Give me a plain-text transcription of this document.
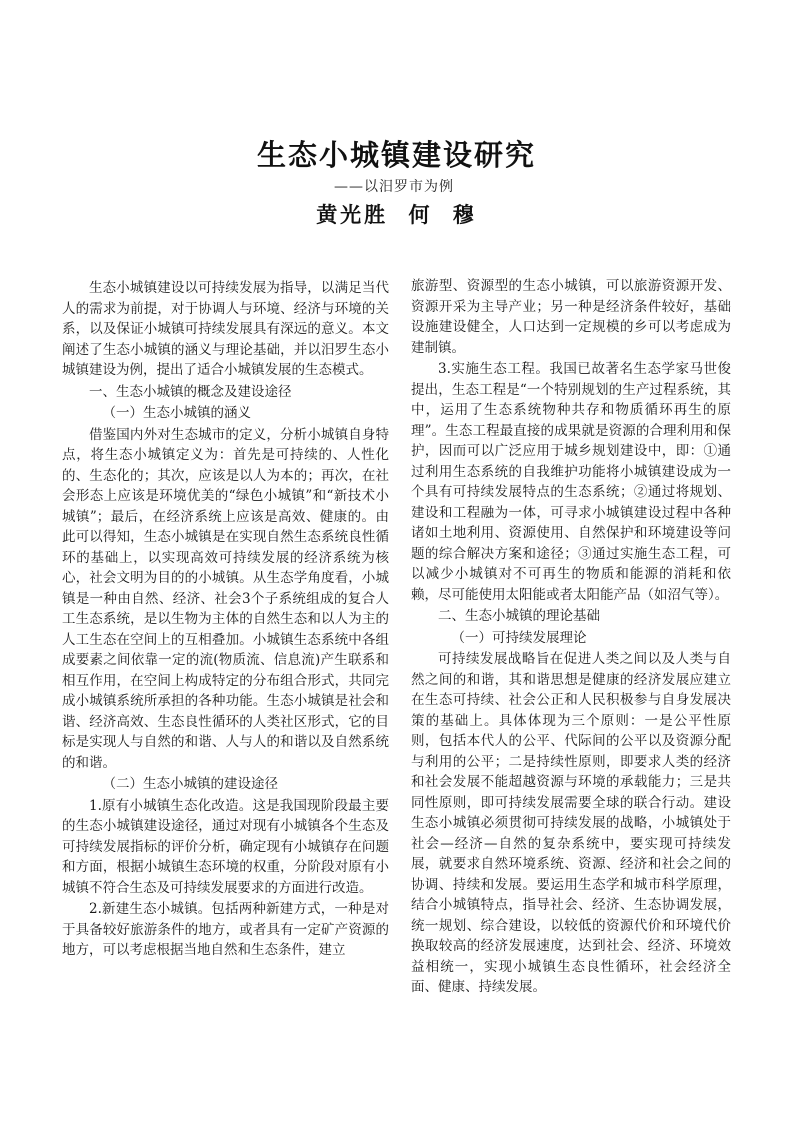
生态小城镇建设研究
——以汨罗市为例
黄光胜 何 穆

生态小城镇建设以可持续发展为指导，以满足当代人的需求为前提，对于协调人与环境、经济与环境的关系，以及保证小城镇可持续发展具有深远的意义。本文阐述了生态小城镇的涵义与理论基础，并以汨罗生态小城镇建设为例，提出了适合小城镇发展的生态模式。

一、生态小城镇的概念及建设途径

（一）生态小城镇的涵义

借鉴国内外对生态城市的定义，分析小城镇自身特点，将生态小城镇定义为：首先是可持续的、人性化的、生态化的；其次，应该是以人为本的；再次，在社会形态上应该是环境优美的“绿色小城镇”和“新技术小城镇”；最后，在经济系统上应该是高效、健康的。由此可以得知，生态小城镇是在实现自然生态系统良性循环的基础上，以实现高效可持续发展的经济系统为核心，社会文明为目的的小城镇。从生态学角度看，小城镇是一种由自然、经济、社会3个子系统组成的复合人工生态系统，是以生物为主体的自然生态和以人为主的人工生态在空间上的互相叠加。小城镇生态系统中各组成要素之间依靠一定的流(物质流、信息流)产生联系和相互作用，在空间上构成特定的分布组合形式，共同完成小城镇系统所承担的各种功能。生态小城镇是社会和谐、经济高效、生态良性循环的人类社区形式，它的目标是实现人与自然的和谐、人与人的和谐以及自然系统的和谐。

（二）生态小城镇的建设途径

1.原有小城镇生态化改造。这是我国现阶段最主要的生态小城镇建设途径，通过对现有小城镇各个生态及可持续发展指标的评价分析，确定现有小城镇存在问题和方面，根据小城镇生态环境的权重，分阶段对原有小城镇不符合生态及可持续发展要求的方面进行改造。

2.新建生态小城镇。包括两种新建方式，一种是对于具备较好旅游条件的地方，或者具有一定矿产资源的地方，可以考虑根据当地自然和生态条件，建立

旅游型、资源型的生态小城镇，可以旅游资源开发、资源开采为主导产业；另一种是经济条件较好，基础设施建设健全，人口达到一定规模的乡可以考虑成为建制镇。

3.实施生态工程。我国已故著名生态学家马世俊提出，生态工程是“一个特别规划的生产过程系统，其中，运用了生态系统物种共存和物质循环再生的原理”。生态工程最直接的成果就是资源的合理利用和保护，因而可以广泛应用于城乡规划建设中，即：①通过利用生态系统的自我维护功能将小城镇建设成为一个具有可持续发展特点的生态系统；②通过将规划、建设和工程融为一体，可寻求小城镇建设过程中各种诸如土地利用、资源使用、自然保护和环境建设等问题的综合解决方案和途径；③通过实施生态工程，可以减少小城镇对不可再生的物质和能源的消耗和依赖，尽可能使用太阳能或者太阳能产品（如沼气等）。

二、生态小城镇的理论基础

（一）可持续发展理论

可持续发展战略旨在促进人类之间以及人类与自然之间的和谐，其和谐思想是健康的经济发展应建立在生态可持续、社会公正和人民积极参与自身发展决策的基础上。具体体现为三个原则：一是公平性原则，包括本代人的公平、代际间的公平以及资源分配与利用的公平；二是持续性原则，即要求人类的经济和社会发展不能超越资源与环境的承载能力；三是共同性原则，即可持续发展需要全球的联合行动。建设生态小城镇必须贯彻可持续发展的战略，小城镇处于社会—经济—自然的复杂系统中，要实现可持续发展，就要求自然环境系统、资源、经济和社会之间的协调、持续和发展。要运用生态学和城市科学原理，结合小城镇特点，指导社会、经济、生态协调发展，统一规划、综合建设，以较低的资源代价和环境代价换取较高的经济发展速度，达到社会、经济、环境效益相统一，实现小城镇生态良性循环，社会经济全面、健康、持续发展。
